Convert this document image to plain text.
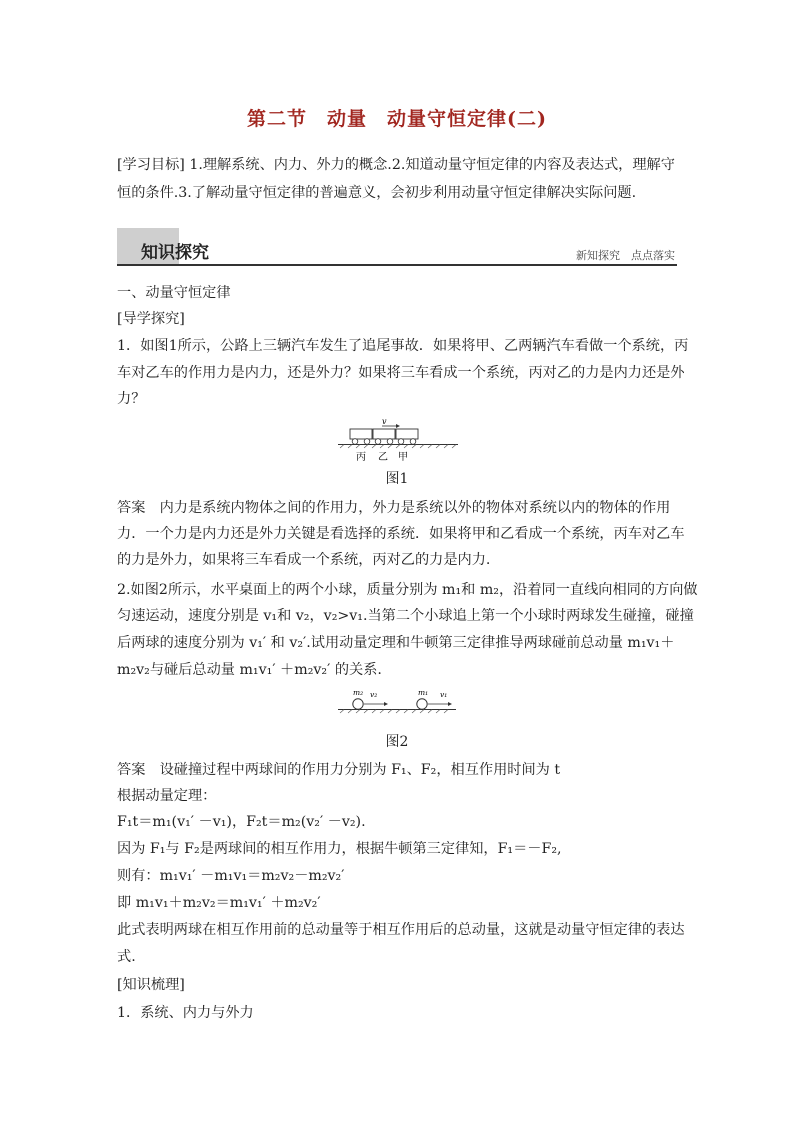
第二节　动量　动量守恒定律(二)
[学习目标] 1.理解系统、内力、外力的概念.2.知道动量守恒定律的内容及表达式，理解守
恒的条件.3.了解动量守恒定律的普遍意义，会初步利用动量守恒定律解决实际问题.
知识探究	新知探究　点点落实
一、动量守恒定律
[导学探究]
1．如图1所示，公路上三辆汽车发生了追尾事故．如果将甲、乙两辆汽车看做一个系统，丙
车对乙车的作用力是内力，还是外力？如果将三车看成一个系统，丙对乙的力是内力还是外
力？
v
丙 乙 甲
图1
答案　内力是系统内物体之间的作用力，外力是系统以外的物体对系统以内的物体的作用
力．一个力是内力还是外力关键是看选择的系统．如果将甲和乙看成一个系统，丙车对乙车
的力是外力，如果将三车看成一个系统，丙对乙的力是内力.
2.如图2所示，水平桌面上的两个小球，质量分别为 m₁和 m₂，沿着同一直线向相同的方向做
匀速运动，速度分别是 v₁和 v₂，v₂>v₁.当第二个小球追上第一个小球时两球发生碰撞，碰撞
后两球的速度分别为 v₁′ 和 v₂′.试用动量定理和牛顿第三定律推导两球碰前总动量 m₁v₁＋
m₂v₂与碰后总动量 m₁v₁′ ＋m₂v₂′ 的关系.
m₂ v₂	m₁ v₁
图2
答案　设碰撞过程中两球间的作用力分别为 F₁、F₂，相互作用时间为 t
根据动量定理：
F₁t＝m₁(v₁′ －v₁)，F₂t＝m₂(v₂′ －v₂).
因为 F₁与 F₂是两球间的相互作用力，根据牛顿第三定律知，F₁＝－F₂,
则有：m₁v₁′ －m₁v₁＝m₂v₂－m₂v₂′
即 m₁v₁＋m₂v₂＝m₁v₁′ ＋m₂v₂′
此式表明两球在相互作用前的总动量等于相互作用后的总动量，这就是动量守恒定律的表达
式.
[知识梳理]
1．系统、内力与外力
